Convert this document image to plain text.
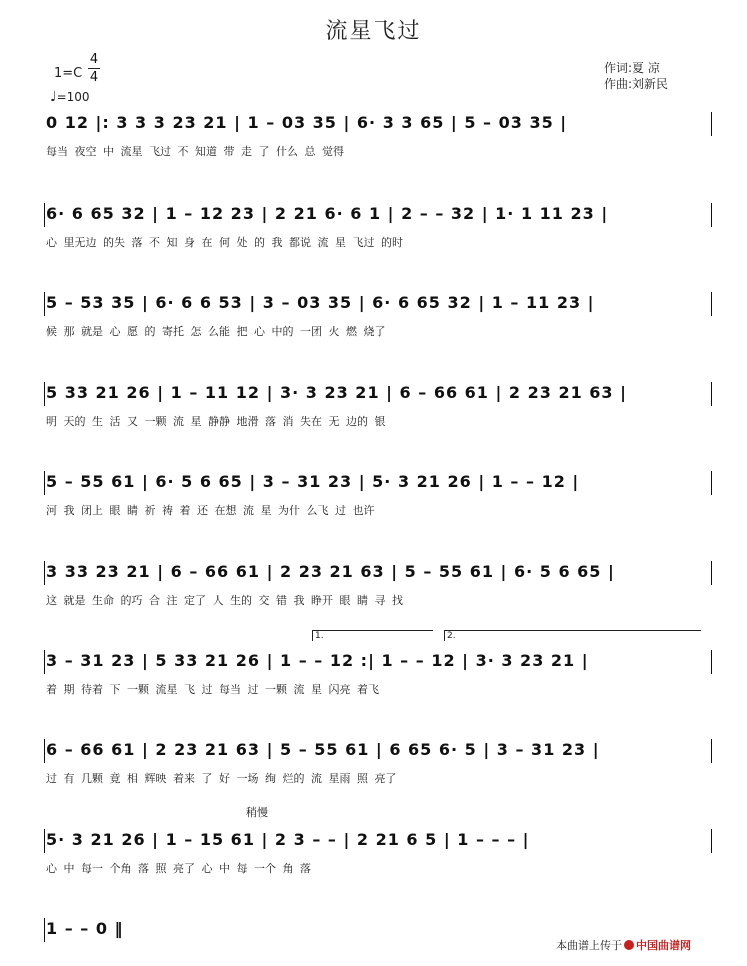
流星飞过
1=C
4
4
♩=100
作词:夏 凉
作曲:刘新民
0 12 |: 3 3 3 23 21 | 1 – 03 35 | 6· 3 3 65 | 5 – 03 35 |
每当 夜空 中 流星 飞过 不 知道 带 走 了 什么 总 觉得
6· 6 65 32 | 1 – 12 23 | 2 21 6· 6 1 | 2 – – 32 | 1· 1 11 23 |
心 里无边 的失 落 不 知 身 在 何 处 的 我 都说 流 星 飞过 的时
5 – 53 35 | 6· 6 6 53 | 3 – 03 35 | 6· 6 65 32 | 1 – 11 23 |
候 那 就是 心 愿 的 寄托 怎 么能 把 心 中的 一团 火 燃 烧了
5 33 21 26 | 1 – 11 12 | 3· 3 23 21 | 6 – 66 61 | 2 23 21 63 |
明 天的 生 活 又 一颗 流 星 静静 地滑 落 消 失在 无 边的 银
5 – 55 61 | 6· 5 6 65 | 3 – 31 23 | 5· 3 21 26 | 1 – – 12 |
河 我 闭上 眼 睛 祈 祷 着 还 在想 流 星 为什 么飞 过 也许
3 33 23 21 | 6 – 66 61 | 2 23 21 63 | 5 – 55 61 | 6· 5 6 65 |
这 就是 生命 的巧 合 注 定了 人 生的 交 错 我 睁开 眼 睛 寻 找
1.	2.
3 – 31 23 | 5 33 21 26 | 1 – – 12 :| 1 – – 12 | 3· 3 23 21 |
着 期 待着 下 一颗 流星 飞 过 每当 过 一颗 流 星 闪亮 着飞
6 – 66 61 | 2 23 21 63 | 5 – 55 61 | 6 65 6· 5 | 3 – 31 23 |
过 有 几颗 竟 相 辉映 着来 了 好 一场 绚 烂的 流 星雨 照 亮了
稍慢
5· 3 21 26 | 1 – 15 61 | 2 3 – – | 2 21 6 5 | 1 – – – |
心 中 每一 个角 落 照 亮了 心 中 每 一个 角 落
1 – – 0 ‖
本曲谱上传于 中国曲谱网
